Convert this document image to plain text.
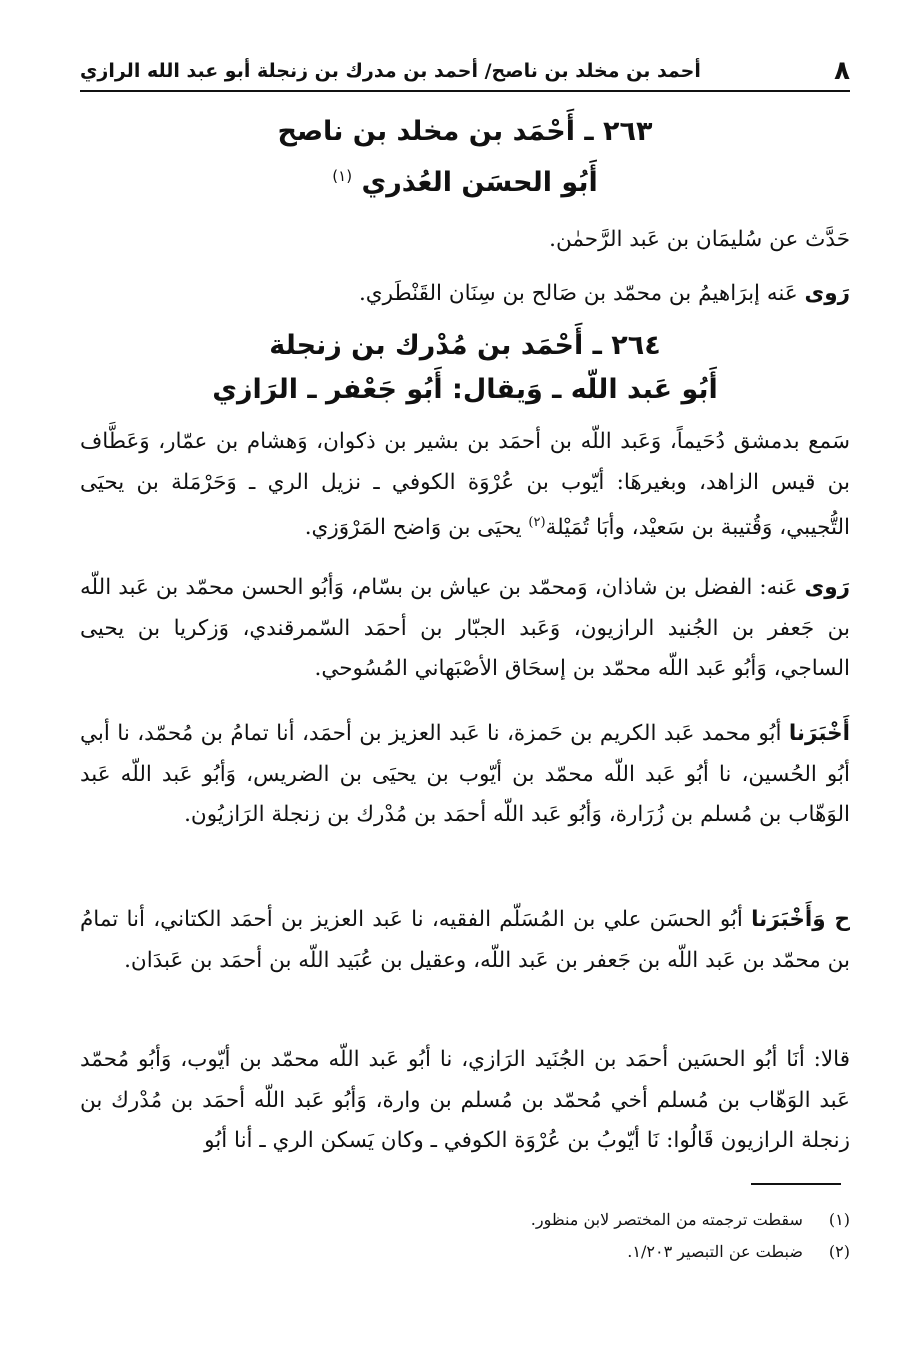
٨
أحمد بن مخلد بن ناصح/ أحمد بن مدرك بن زنجلة أبو عبد الله الرازي
٢٦٣ ـ أَحْمَد بن مخلد بن ناصح
أَبُو الحسَن العُذري $^{(١)}$
حَدَّث عن سُليمَان بن عَبد الرَّحمٰن.
رَوى عَنه إبرَاهيمُ بن محمّد بن صَالح بن سِنَان القَنْطَري.
٢٦٤ ـ أَحْمَد بن مُدْرك بن زنجلة
أَبُو عَبد اللّه ـ وَيقال: أَبُو جَعْفر ـ الرَازي
سَمع بدمشق دُحَيماً، وَعَبد اللّه بن أحمَد بن بشير بن ذكوان، وَهشام بن عمّار، وَعَطَّاف بن قيس الزاهد، وبغيرهَا: أيّوب بن عُرْوَة الكوفي ـ نزيل الري ـ وَحَرْمَلة بن يحيَى التُّجيبي، وَقُتيبة بن سَعيْد، وأبَا تُمَيْلة$^{(٢)}$ يحيَى بن وَاضح المَرْوَزي.
رَوى عَنه: الفضل بن شاذان، وَمحمّد بن عياش بن بسّام، وَأبُو الحسن محمّد بن عَبد اللّه بن جَعفر بن الجُنيد الرازيون، وَعَبد الجبّار بن أحمَد السّمرقندي، وَزكريا بن يحيى الساجي، وَأبُو عَبد اللّه محمّد بن إسحَاق الأصْبَهاني المُسُوحي.
أَخْبَرَنا أبُو محمد عَبد الكريم بن حَمزة، نا عَبد العزيز بن أحمَد، أنا تمامُ بن مُحمّد، نا أبي أبُو الحُسين، نا أبُو عَبد اللّه محمّد بن أيّوب بن يحيَى بن الضريس، وَأبُو عَبد اللّه عَبد الوَهّاب بن مُسلم بن زُرَارة، وَأبُو عَبد اللّه أحمَد بن مُدْرك بن زنجلة الرَازيُون.
ح وَأَخْبَرَنا أبُو الحسَن علي بن المُسَلّم الفقيه، نا عَبد العزيز بن أحمَد الكتاني، أنا تمامُ بن محمّد بن عَبد اللّه بن جَعفر بن عَبد اللّه، وعقيل بن عُبَيد اللّه بن أحمَد بن عَبدَان.
قالا: أنَا أبُو الحسَين أحمَد بن الجُنَيد الرَازي، نا أبُو عَبد اللّه محمّد بن أيّوب، وَأبُو مُحمّد عَبد الوَهّاب بن مُسلم أخي مُحمّد بن مُسلم بن وارة، وَأبُو عَبد اللّه أحمَد بن مُدْرك بن زنجلة الرازيون قَالُوا: نَا أيّوبُ بن عُرْوَة الكوفي ـ وكان يَسكن الري ـ أنا أبُو
(١) سقطت ترجمته من المختصر لابن منظور.
(٢) ضبطت عن التبصير ١/٢٠٣.
